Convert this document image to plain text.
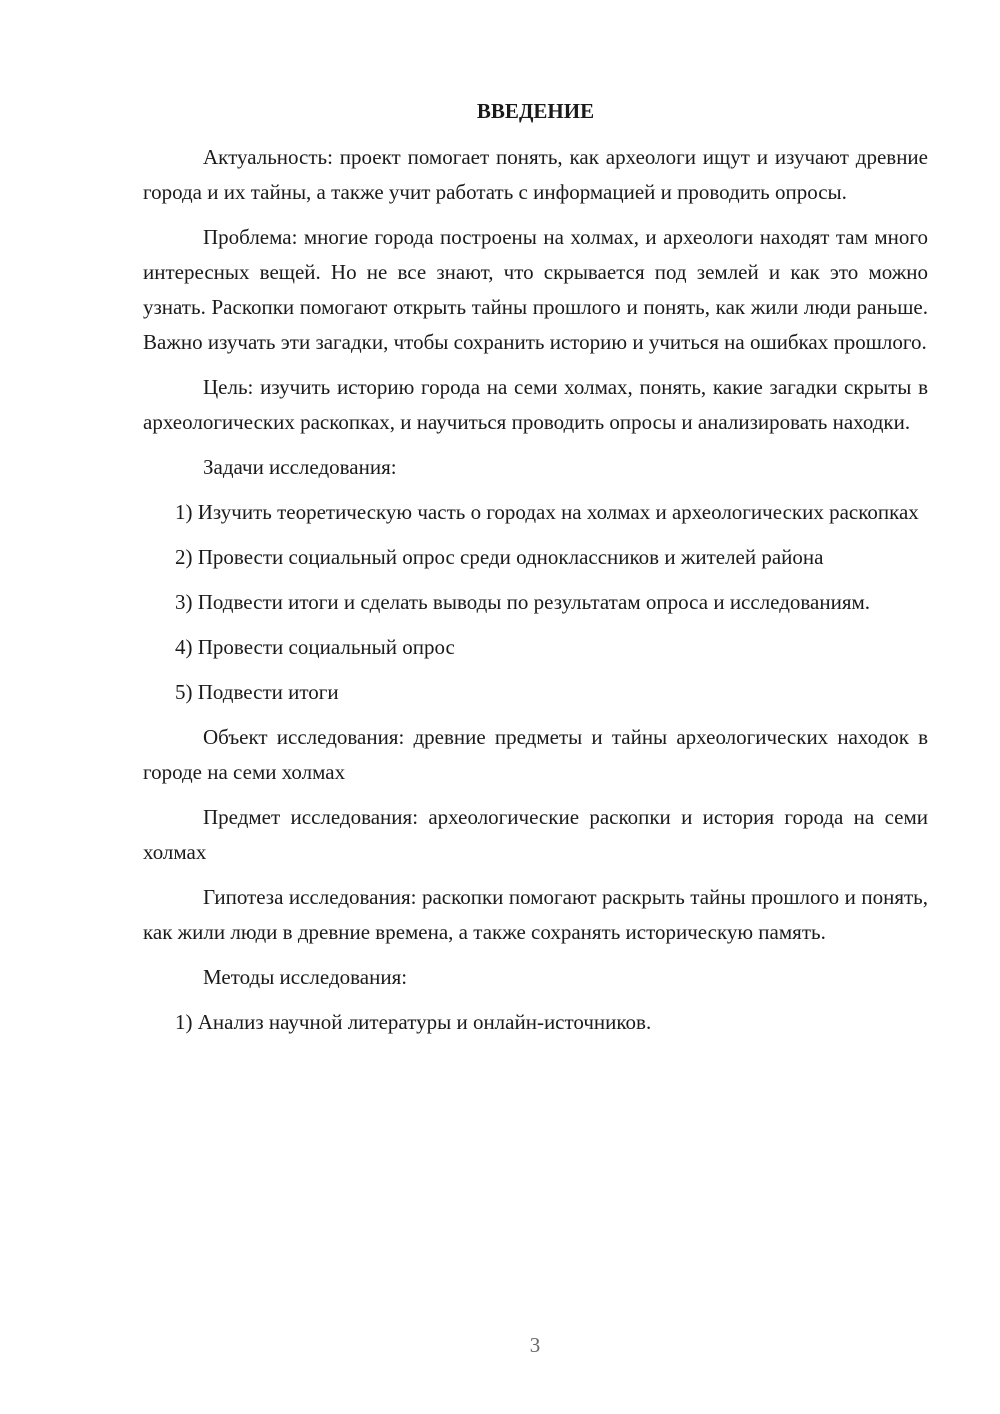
ВВЕДЕНИЕ

Актуальность: проект помогает понять, как археологи ищут и изучают древние города и их тайны, а также учит работать с информацией и проводить опросы.

Проблема: многие города построены на холмах, и археологи находят там много интересных вещей. Но не все знают, что скрывается под землей и как это можно узнать. Раскопки помогают открыть тайны прошлого и понять, как жили люди раньше. Важно изучать эти загадки, чтобы сохранить историю и учиться на ошибках прошлого.

Цель: изучить историю города на семи холмах, понять, какие загадки скрыты в археологических раскопках, и научиться проводить опросы и анализировать находки.

Задачи исследования:

1) Изучить теоретическую часть о городах на холмах и археологических раскопках

2) Провести социальный опрос среди одноклассников и жителей района

3) Подвести итоги и сделать выводы по результатам опроса и исследованиям.

4) Провести социальный опрос

5) Подвести итоги

Объект исследования: древние предметы и тайны археологических находок в городе на семи холмах

Предмет исследования: археологические раскопки и история города на семи холмах

Гипотеза исследования: раскопки помогают раскрыть тайны прошлого и понять, как жили люди в древние времена, а также сохранять историческую память.

Методы исследования:

1) Анализ научной литературы и онлайн-источников.

3
